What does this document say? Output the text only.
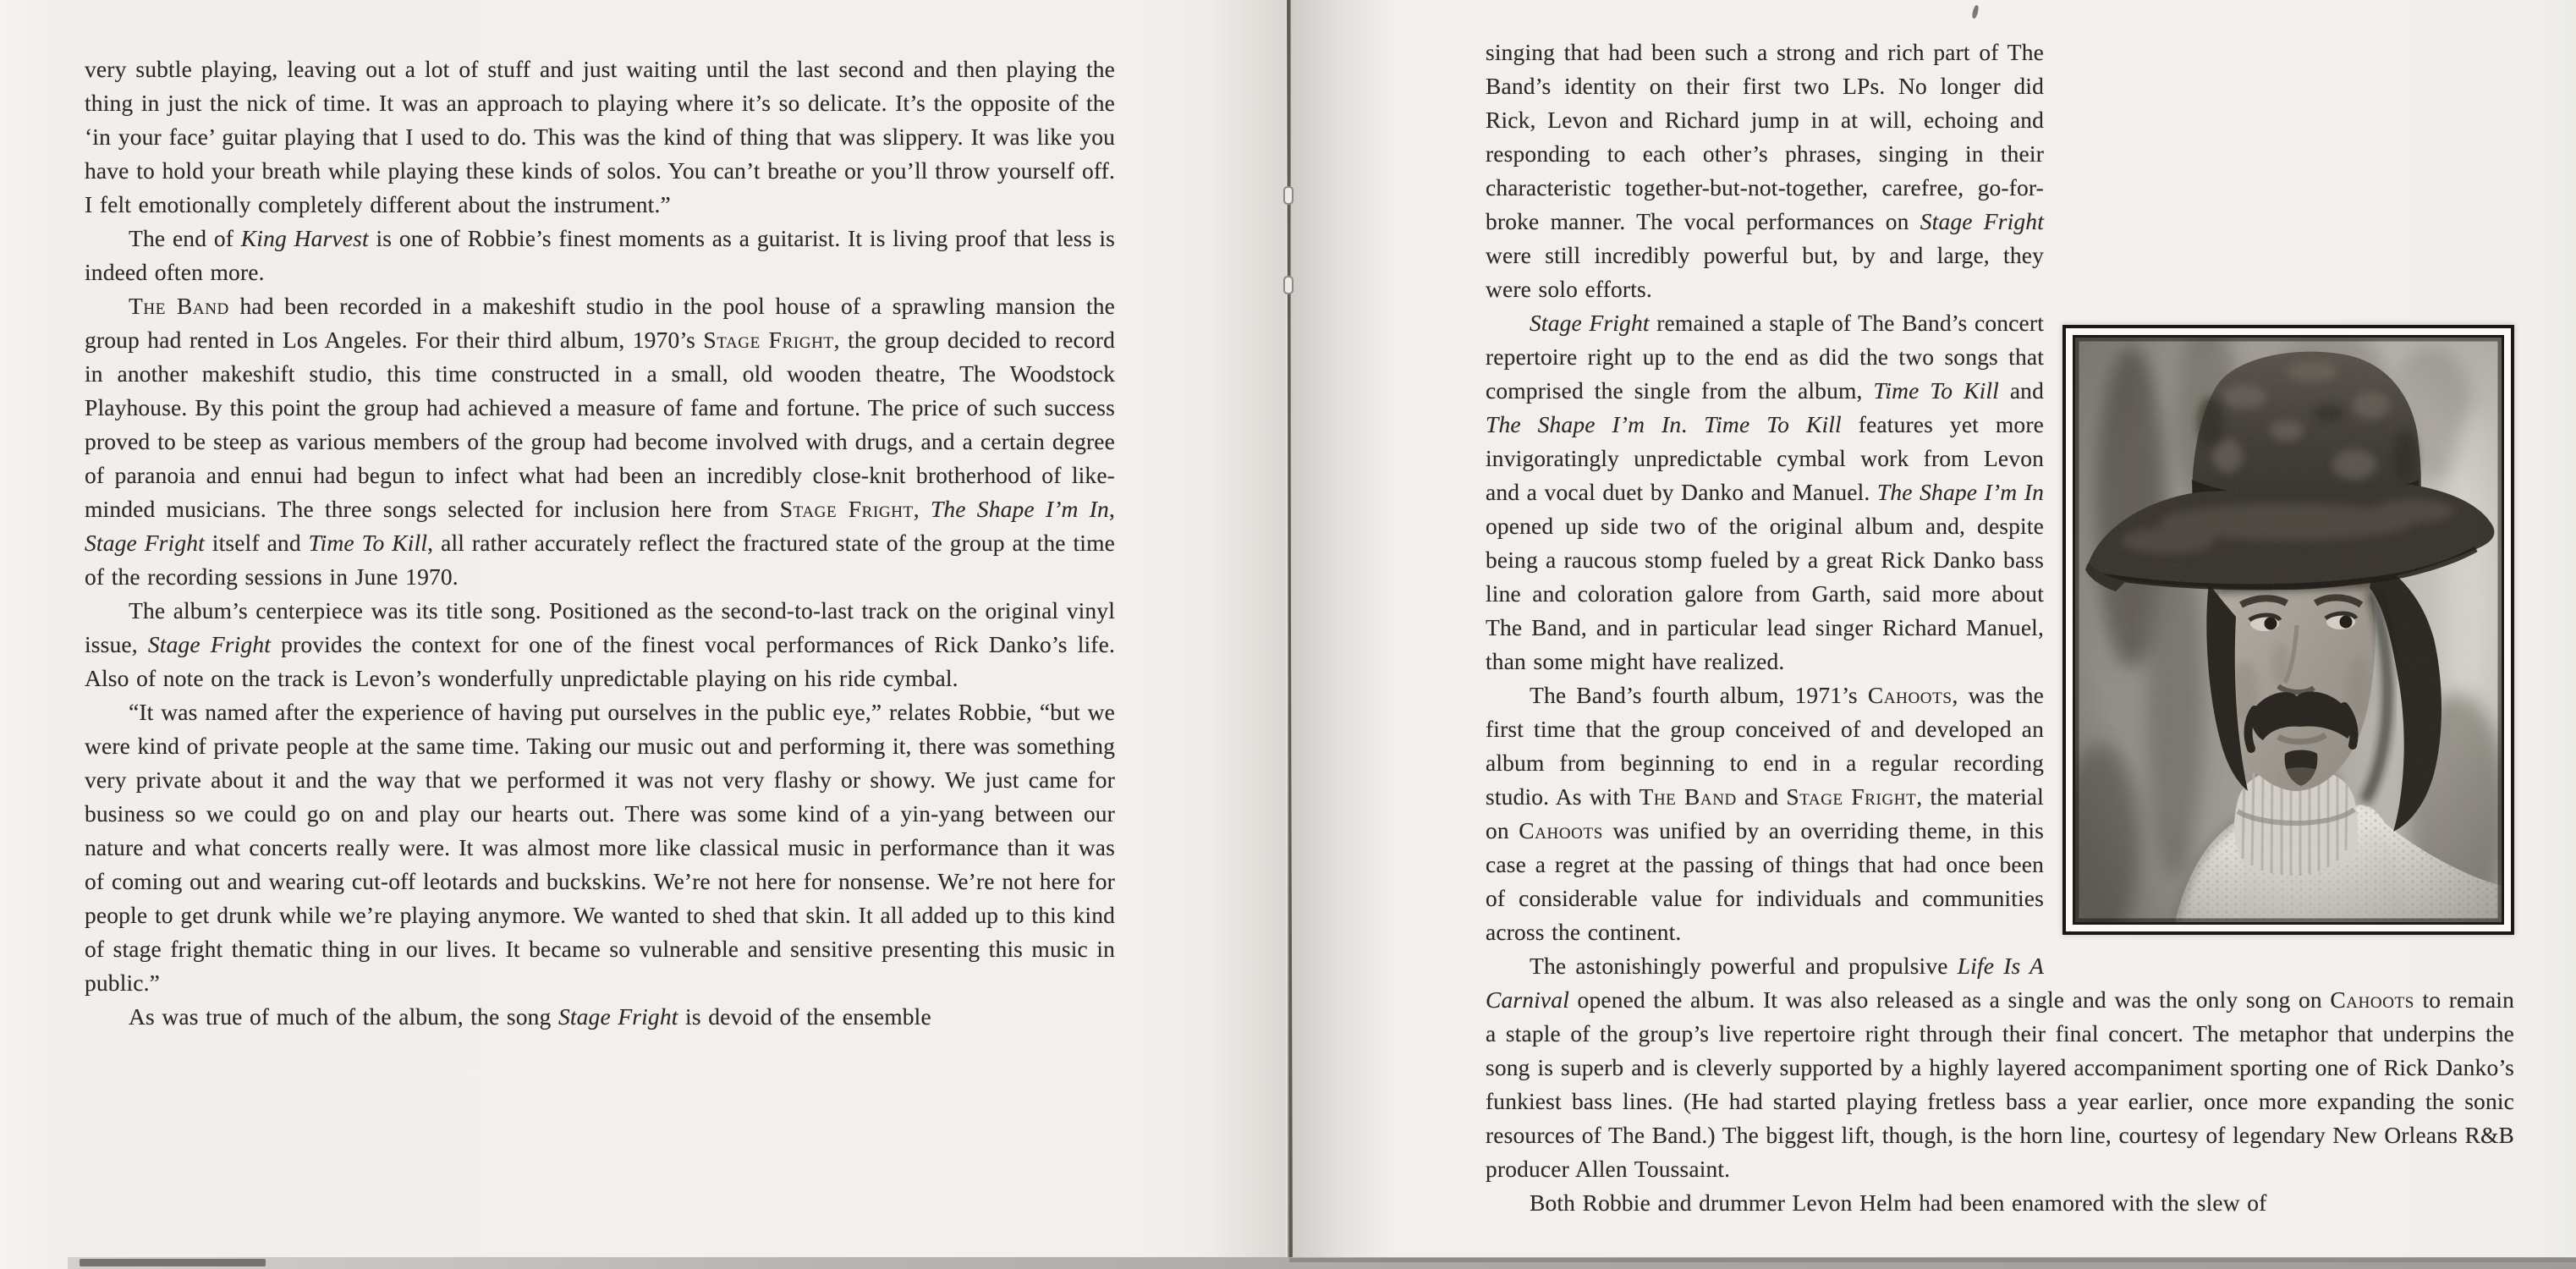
very subtle playing, leaving out a lot of stuff and just waiting until the last second and then playing the thing in just the nick of time. It was an approach to playing where it’s so delicate. It’s the opposite of the ‘in your face’ guitar playing that I used to do. This was the kind of thing that was slippery. It was like you have to hold your breath while playing these kinds of solos. You can’t breathe or you’ll throw yourself off. I felt emotionally completely different about the instrument.”

The end of King Harvest is one of Robbie’s finest moments as a guitarist. It is living proof that less is indeed often more.

The Band had been recorded in a makeshift studio in the pool house of a sprawling mansion the group had rented in Los Angeles. For their third album, 1970’s Stage Fright, the group decided to record in another makeshift studio, this time constructed in a small, old wooden theatre, The Woodstock Playhouse. By this point the group had achieved a measure of fame and fortune. The price of such success proved to be steep as various members of the group had become involved with drugs, and a certain degree of paranoia and ennui had begun to infect what had been an incredibly close-knit brotherhood of like-minded musicians. The three songs selected for inclusion here from Stage Fright, The Shape I’m In, Stage Fright itself and Time To Kill, all rather accurately reflect the fractured state of the group at the time of the recording sessions in June 1970.

The album’s centerpiece was its title song. Positioned as the second-to-last track on the original vinyl issue, Stage Fright provides the context for one of the finest vocal performances of Rick Danko’s life. Also of note on the track is Levon’s wonderfully unpredictable playing on his ride cymbal.

“It was named after the experience of having put ourselves in the public eye,” relates Robbie, “but we were kind of private people at the same time. Taking our music out and performing it, there was something very private about it and the way that we performed it was not very flashy or showy. We just came for business so we could go on and play our hearts out. There was some kind of a yin-yang between our nature and what concerts really were. It was almost more like classical music in performance than it was of coming out and wearing cut-off leotards and buckskins. We’re not here for nonsense. We’re not here for people to get drunk while we’re playing anymore. We wanted to shed that skin. It all added up to this kind of stage fright thematic thing in our lives. It became so vulnerable and sensitive presenting this music in public.”

As was true of much of the album, the song Stage Fright is devoid of the ensemble

singing that had been such a strong and rich part of The Band’s identity on their first two LPs. No longer did Rick, Levon and Richard jump in at will, echoing and responding to each other’s phrases, singing in their characteristic together-but-not-together, carefree, go-for-broke manner. The vocal performances on Stage Fright were still incredibly powerful but, by and large, they were solo efforts.

Stage Fright remained a staple of The Band’s concert repertoire right up to the end as did the two songs that comprised the single from the album, Time To Kill and The Shape I’m In. Time To Kill features yet more invigoratingly unpredictable cymbal work from Levon and a vocal duet by Danko and Manuel. The Shape I’m In opened up side two of the original album and, despite being a raucous stomp fueled by a great Rick Danko bass line and coloration galore from Garth, said more about The Band, and in particular lead singer Richard Manuel, than some might have realized.

The Band’s fourth album, 1971’s Cahoots, was the first time that the group conceived of and developed an album from beginning to end in a regular recording studio. As with The Band and Stage Fright, the material on Cahoots was unified by an overriding theme, in this case a regret at the passing of things that had once been of considerable value for individuals and communities across the continent.

The astonishingly powerful and propulsive Life Is A Carnival opened the album. It was also released as a single and was the only song on Cahoots to remain a staple of the group’s live repertoire right through their final concert. The metaphor that underpins the song is superb and is cleverly supported by a highly layered accompaniment sporting one of Rick Danko’s funkiest bass lines. (He had started playing fretless bass a year earlier, once more expanding the sonic resources of The Band.) The biggest lift, though, is the horn line, courtesy of legendary New Orleans R&B producer Allen Toussaint.

Both Robbie and drummer Levon Helm had been enamored with the slew of
